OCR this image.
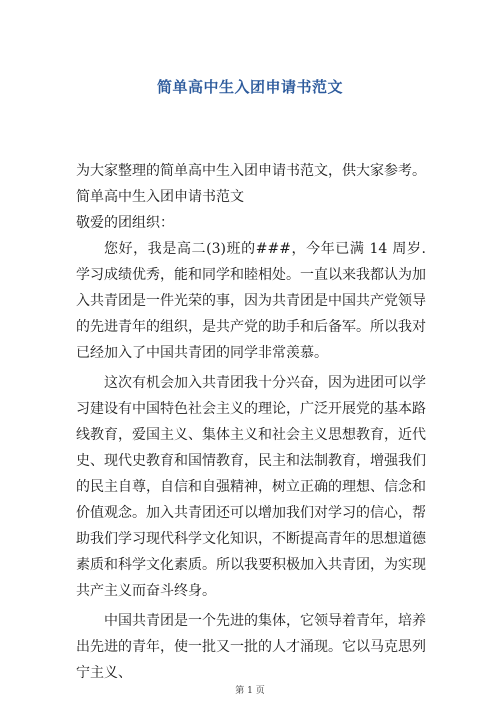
简单高中生入团申请书范文

为大家整理的简单高中生入团申请书范文，供大家参考。

简单高中生入团申请书范文

敬爱的团组织：

您好，我是高二(3)班的###，今年已满 14 周岁.学习成绩优秀，能和同学和睦相处。一直以来我都认为加入共青团是一件光荣的事，因为共青团是中国共产党领导的先进青年的组织，是共产党的助手和后备军。所以我对已经加入了中国共青团的同学非常羡慕。

这次有机会加入共青团我十分兴奋，因为进团可以学习建设有中国特色社会主义的理论，广泛开展党的基本路线教育，爱国主义、集体主义和社会主义思想教育，近代史、现代史教育和国情教育，民主和法制教育，增强我们的民主自尊，自信和自强精神，树立正确的理想、信念和价值观念。加入共青团还可以增加我们对学习的信心，帮助我们学习现代科学文化知识，不断提高青年的思想道德素质和科学文化素质。所以我要积极加入共青团，为实现共产主义而奋斗终身。

中国共青团是一个先进的集体，它领导着青年，培养出先进的青年，使一批又一批的人才涌现。它以马克思列宁主义、

第 1 页
